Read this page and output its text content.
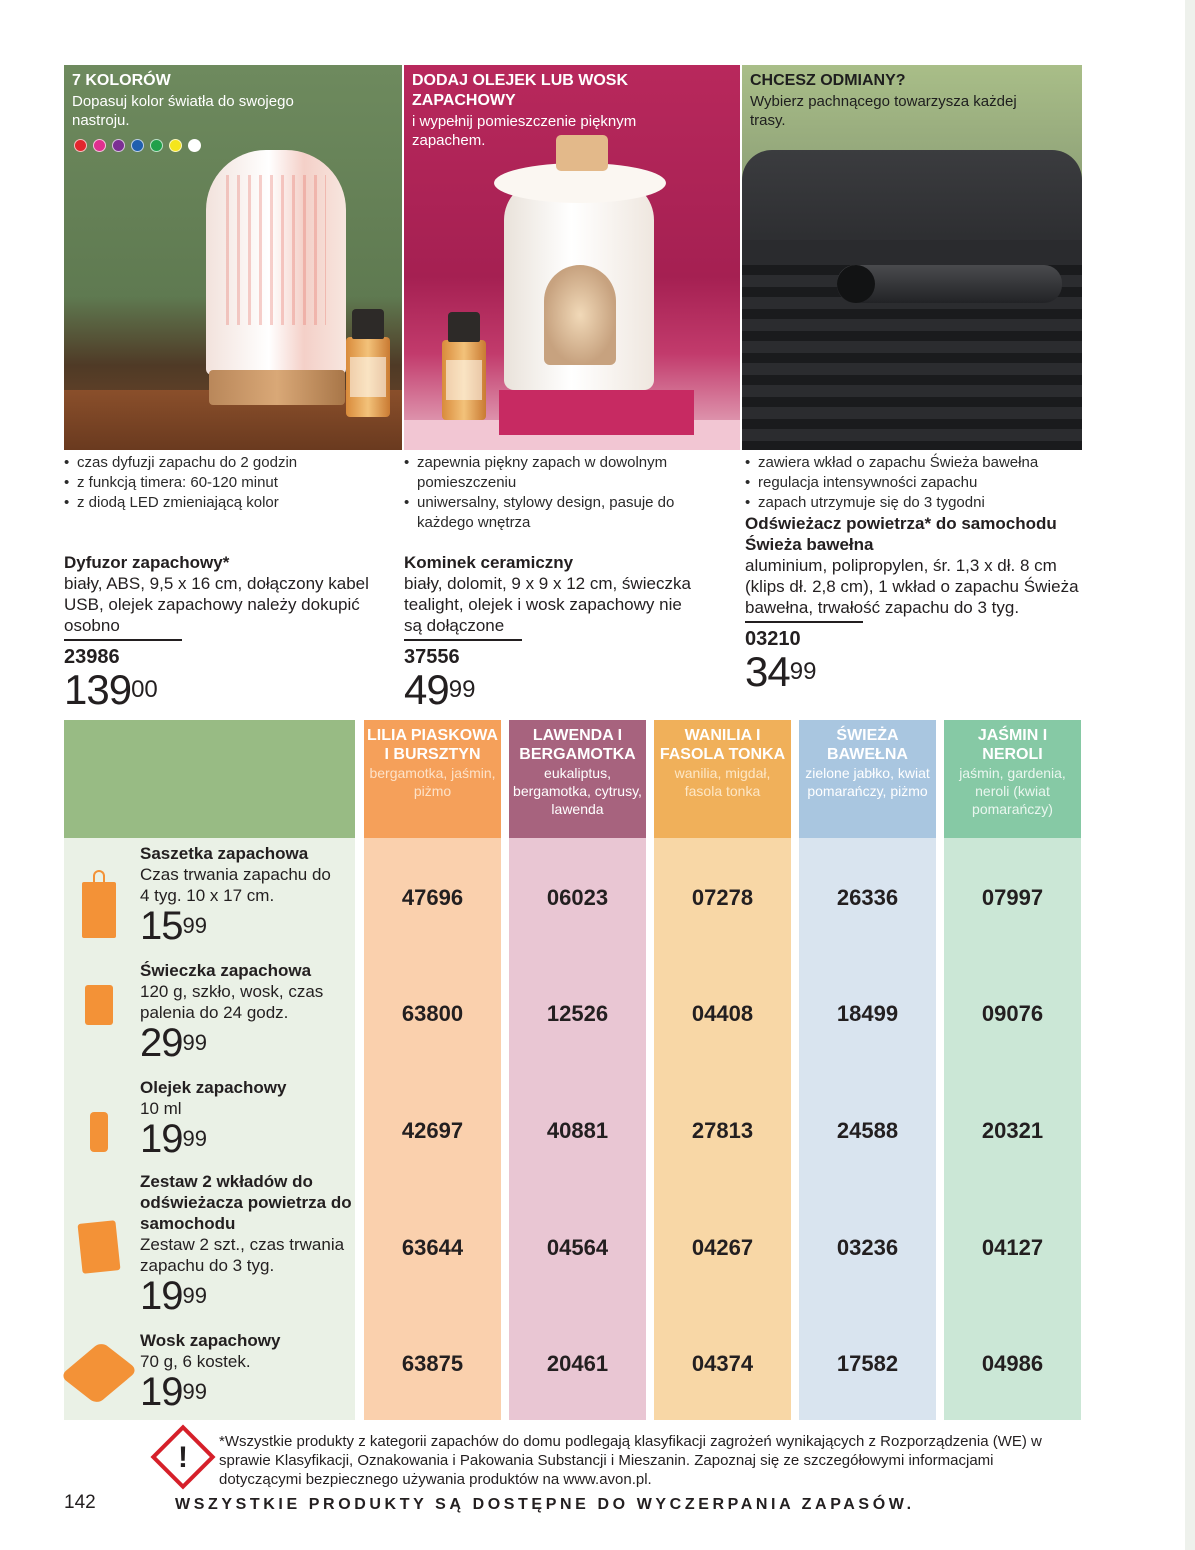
7 KOLORÓW
Dopasuj kolor światła do swojego nastroju.
DODAJ OLEJEK LUB WOSK ZAPACHOWY
i wypełnij pomieszczenie pięknym zapachem.
CHCESZ ODMIANY?
Wybierz pachnącego towarzysza każdej trasy.
• czas dyfuzji zapachu do 2 godzin
• z funkcją timera: 60-120 minut
• z diodą LED zmieniającą kolor
Dyfuzor zapachowy*
biały, ABS, 9,5 x 16 cm, dołączony kabel USB, olejek zapachowy należy dokupić osobno
23986
$139^{00}$
• zapewnia piękny zapach w dowolnym pomieszczeniu
• uniwersalny, stylowy design, pasuje do każdego wnętrza
Kominek ceramiczny
biały, dolomit, 9 x 9 x 12 cm, świeczka tealight, olejek i wosk zapachowy nie są dołączone
37556
$49^{99}$
• zawiera wkład o zapachu Świeża bawełna
• regulacja intensywności zapachu
• zapach utrzymuje się do 3 tygodni
Odświeżacz powietrza* do samochodu Świeża bawełna
aluminium, polipropylen, śr. 1,3 x dł. 8 cm (klips dł. 2,8 cm), 1 wkład o zapachu Świeża bawełna, trwałość zapachu do 3 tyg.
03210
$34^{99}$
LILIA PIASKOWA I BURSZTYN
bergamotka, jaśmin, piżmo
47696
63800
42697
63644
63875
LAWENDA I BERGAMOTKA
eukaliptus, bergamotka, cytrusy, lawenda
06023
12526
40881
04564
20461
WANILIA I FASOLA TONKA
wanilia, migdał, fasola tonka
07278
04408
27813
04267
04374
ŚWIEŻA BAWEŁNA
zielone jabłko, kwiat pomarańczy, piżmo
26336
18499
24588
03236
17582
JAŚMIN I NEROLI
jaśmin, gardenia, neroli (kwiat pomarańczy)
07997
09076
20321
04127
04986
Saszetka zapachowa
Czas trwania zapachu do 4 tyg. 10 x 17 cm.
$15^{99}$
Świeczka zapachowa
120 g, szkło, wosk, czas palenia do 24 godz.
$29^{99}$
Olejek zapachowy
10 ml
$19^{99}$
Zestaw 2 wkładów do odświeżacza powietrza do samochodu
Zestaw 2 szt., czas trwania zapachu do 3 tyg.
$19^{99}$
Wosk zapachowy
70 g, 6 kostek.
$19^{99}$
!	*Wszystkie produkty z kategorii zapachów do domu podlegają klasyfikacji zagrożeń wynikających z Rozporządzenia (WE) w sprawie Klasyfikacji, Oznakowania i Pakowania Substancji i Mieszanin. Zapoznaj się ze szczegółowymi informacjami dotyczącymi bezpiecznego używania produktów na www.avon.pl.
142	WSZYSTKIE PRODUKTY SĄ DOSTĘPNE DO WYCZERPANIA ZAPASÓW.
